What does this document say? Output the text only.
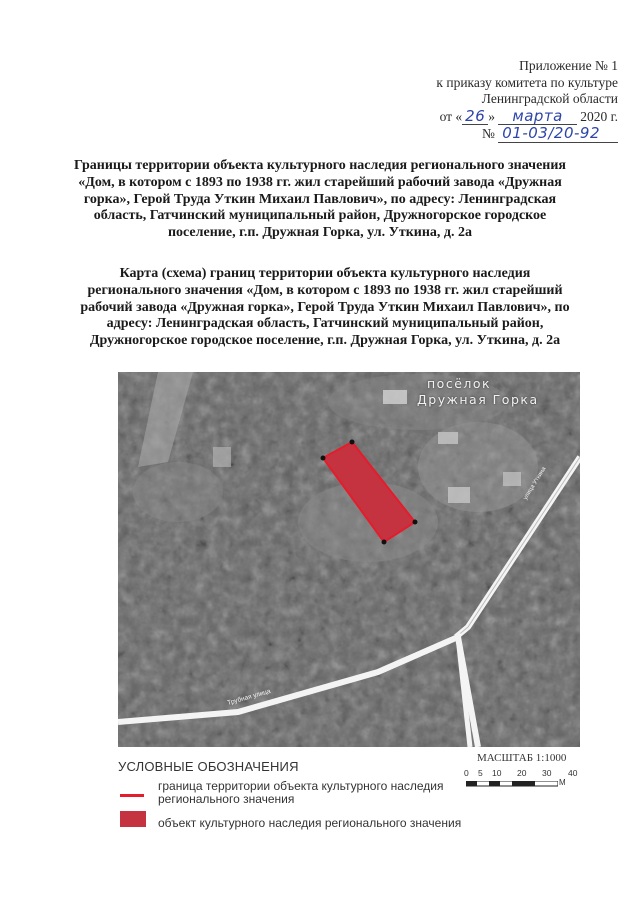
Приложение № 1
к приказу комитета по культуре
Ленинградской области
от « 26 » марта 2020 г.
№ 01-03/20-92
Границы территории объекта культурного наследия регионального значения «Дом, в котором с 1893 по 1938 гг. жил старейший рабочий завода «Дружная горка», Герой Труда Уткин Михаил Павлович», по адресу: Ленинградская область, Гатчинский муниципальный район, Дружногорское городское поселение, г.п. Дружная Горка, ул. Уткина, д. 2а
Карта (схема) границ территории объекта культурного наследия регионального значения «Дом, в котором с 1893 по 1938 гг. жил старейший рабочий завода «Дружная горка», Герой Труда Уткин Михаил Павлович», по адресу: Ленинградская область, Гатчинский муниципальный район, Дружногорское городское поселение, г.п. Дружная Горка, ул. Уткина, д. 2а
улица Уткина
Трубная улица
посёлок
Дружная Горка
УСЛОВНЫЕ ОБОЗНАЧЕНИЯ
граница территории объекта культурного наследия регионального значения
объект культурного наследия регионального значения
МАСШТАБ 1:1000
0 5 10 20 30 40
М
